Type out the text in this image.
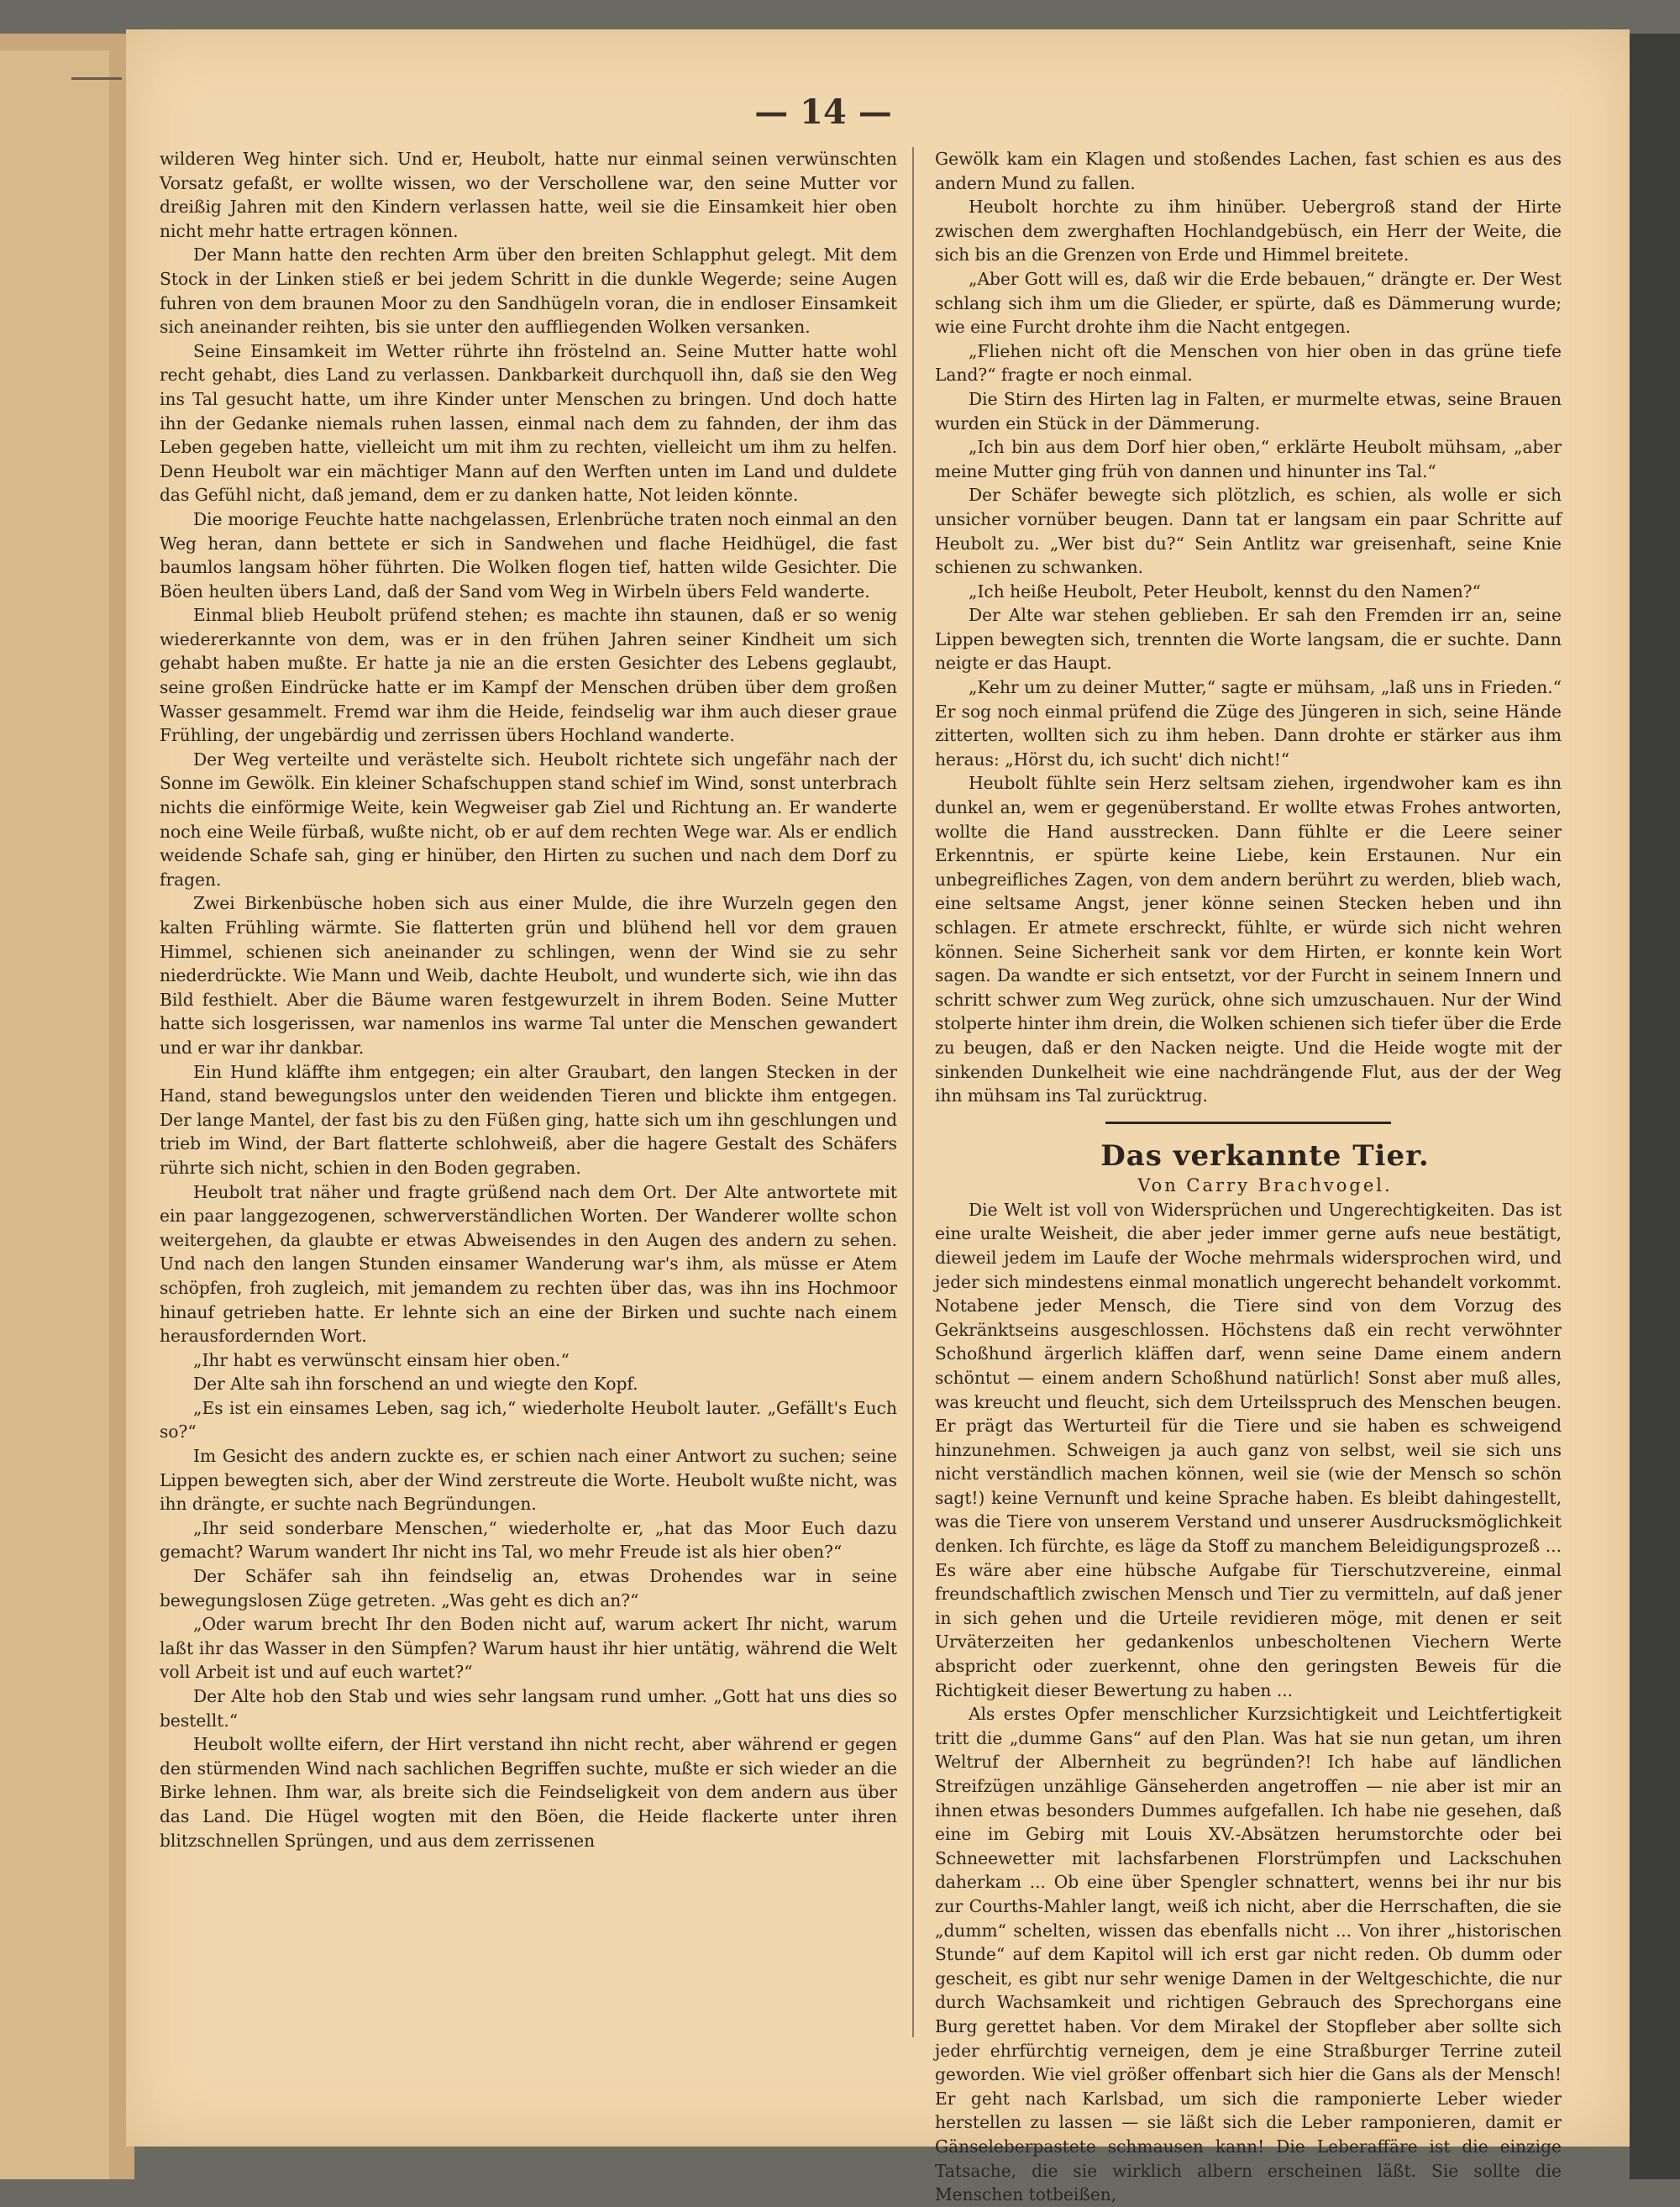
— 14 —

wilderen Weg hinter sich. Und er, Heubolt, hatte nur einmal seinen verwünschten Vorsatz gefaßt, er wollte wissen, wo der Verschollene war, den seine Mutter vor dreißig Jahren mit den Kindern verlassen hatte, weil sie die Einsamkeit hier oben nicht mehr hatte ertragen können.

Der Mann hatte den rechten Arm über den breiten Schlapphut gelegt. Mit dem Stock in der Linken stieß er bei jedem Schritt in die dunkle Wegerde; seine Augen fuhren von dem braunen Moor zu den Sandhügeln voran, die in endloser Einsamkeit sich aneinander reihten, bis sie unter den auffliegenden Wolken versanken.

Seine Einsamkeit im Wetter rührte ihn fröstelnd an. Seine Mutter hatte wohl recht gehabt, dies Land zu verlassen. Dankbarkeit durchquoll ihn, daß sie den Weg ins Tal gesucht hatte, um ihre Kinder unter Menschen zu bringen. Und doch hatte ihn der Gedanke niemals ruhen lassen, einmal nach dem zu fahnden, der ihm das Leben gegeben hatte, vielleicht um mit ihm zu rechten, vielleicht um ihm zu helfen. Denn Heubolt war ein mächtiger Mann auf den Werften unten im Land und duldete das Gefühl nicht, daß jemand, dem er zu danken hatte, Not leiden könnte.

Die moorige Feuchte hatte nachgelassen, Erlenbrüche traten noch einmal an den Weg heran, dann bettete er sich in Sandwehen und flache Heidhügel, die fast baumlos langsam höher führten. Die Wolken flogen tief, hatten wilde Gesichter. Die Böen heulten übers Land, daß der Sand vom Weg in Wirbeln übers Feld wanderte.

Einmal blieb Heubolt prüfend stehen; es machte ihn staunen, daß er so wenig wiedererkannte von dem, was er in den frühen Jahren seiner Kindheit um sich gehabt haben mußte. Er hatte ja nie an die ersten Gesichter des Lebens geglaubt, seine großen Eindrücke hatte er im Kampf der Menschen drüben über dem großen Wasser gesammelt. Fremd war ihm die Heide, feindselig war ihm auch dieser graue Frühling, der ungebärdig und zerrissen übers Hochland wanderte.

Der Weg verteilte und verästelte sich. Heubolt richtete sich ungefähr nach der Sonne im Gewölk. Ein kleiner Schafschuppen stand schief im Wind, sonst unterbrach nichts die einförmige Weite, kein Wegweiser gab Ziel und Richtung an. Er wanderte noch eine Weile fürbaß, wußte nicht, ob er auf dem rechten Wege war. Als er endlich weidende Schafe sah, ging er hinüber, den Hirten zu suchen und nach dem Dorf zu fragen.

Zwei Birkenbüsche hoben sich aus einer Mulde, die ihre Wurzeln gegen den kalten Frühling wärmte. Sie flatterten grün und blühend hell vor dem grauen Himmel, schienen sich aneinander zu schlingen, wenn der Wind sie zu sehr niederdrückte. Wie Mann und Weib, dachte Heubolt, und wunderte sich, wie ihn das Bild festhielt. Aber die Bäume waren festgewurzelt in ihrem Boden. Seine Mutter hatte sich losgerissen, war namenlos ins warme Tal unter die Menschen gewandert und er war ihr dankbar.

Ein Hund kläffte ihm entgegen; ein alter Graubart, den langen Stecken in der Hand, stand bewegungslos unter den weidenden Tieren und blickte ihm entgegen. Der lange Mantel, der fast bis zu den Füßen ging, hatte sich um ihn geschlungen und trieb im Wind, der Bart flatterte schlohweiß, aber die hagere Gestalt des Schäfers rührte sich nicht, schien in den Boden gegraben.

Heubolt trat näher und fragte grüßend nach dem Ort. Der Alte antwortete mit ein paar langgezogenen, schwerverständlichen Worten. Der Wanderer wollte schon weitergehen, da glaubte er etwas Abweisendes in den Augen des andern zu sehen. Und nach den langen Stunden einsamer Wanderung war's ihm, als müsse er Atem schöpfen, froh zugleich, mit jemandem zu rechten über das, was ihn ins Hochmoor hinauf getrieben hatte. Er lehnte sich an eine der Birken und suchte nach einem herausfordernden Wort.

„Ihr habt es verwünscht einsam hier oben.“

Der Alte sah ihn forschend an und wiegte den Kopf.

„Es ist ein einsames Leben, sag ich,“ wiederholte Heubolt lauter. „Gefällt's Euch so?“

Im Gesicht des andern zuckte es, er schien nach einer Antwort zu suchen; seine Lippen bewegten sich, aber der Wind zerstreute die Worte. Heubolt wußte nicht, was ihn drängte, er suchte nach Begründungen.

„Ihr seid sonderbare Menschen,“ wiederholte er, „hat das Moor Euch dazu gemacht? Warum wandert Ihr nicht ins Tal, wo mehr Freude ist als hier oben?“

Der Schäfer sah ihn feindselig an, etwas Drohendes war in seine bewegungslosen Züge getreten. „Was geht es dich an?“

„Oder warum brecht Ihr den Boden nicht auf, warum ackert Ihr nicht, warum laßt ihr das Wasser in den Sümpfen? Warum haust ihr hier untätig, während die Welt voll Arbeit ist und auf euch wartet?“

Der Alte hob den Stab und wies sehr langsam rund umher. „Gott hat uns dies so bestellt.“

Heubolt wollte eifern, der Hirt verstand ihn nicht recht, aber während er gegen den stürmenden Wind nach sachlichen Begriffen suchte, mußte er sich wieder an die Birke lehnen. Ihm war, als breite sich die Feindseligkeit von dem andern aus über das Land. Die Hügel wogten mit den Böen, die Heide flackerte unter ihren blitzschnellen Sprüngen, und aus dem zerrissenen

Gewölk kam ein Klagen und stoßendes Lachen, fast schien es aus des andern Mund zu fallen.

Heubolt horchte zu ihm hinüber. Uebergroß stand der Hirte zwischen dem zwerghaften Hochlandgebüsch, ein Herr der Weite, die sich bis an die Grenzen von Erde und Himmel breitete.

„Aber Gott will es, daß wir die Erde bebauen,“ drängte er. Der West schlang sich ihm um die Glieder, er spürte, daß es Dämmerung wurde; wie eine Furcht drohte ihm die Nacht entgegen.

„Fliehen nicht oft die Menschen von hier oben in das grüne tiefe Land?“ fragte er noch einmal.

Die Stirn des Hirten lag in Falten, er murmelte etwas, seine Brauen wurden ein Stück in der Dämmerung.

„Ich bin aus dem Dorf hier oben,“ erklärte Heubolt mühsam, „aber meine Mutter ging früh von dannen und hinunter ins Tal.“

Der Schäfer bewegte sich plötzlich, es schien, als wolle er sich unsicher vornüber beugen. Dann tat er langsam ein paar Schritte auf Heubolt zu. „Wer bist du?“ Sein Antlitz war greisenhaft, seine Knie schienen zu schwanken.

„Ich heiße Heubolt, Peter Heubolt, kennst du den Namen?“

Der Alte war stehen geblieben. Er sah den Fremden irr an, seine Lippen bewegten sich, trennten die Worte langsam, die er suchte. Dann neigte er das Haupt.

„Kehr um zu deiner Mutter,“ sagte er mühsam, „laß uns in Frieden.“ Er sog noch einmal prüfend die Züge des Jüngeren in sich, seine Hände zitterten, wollten sich zu ihm heben. Dann drohte er stärker aus ihm heraus: „Hörst du, ich sucht' dich nicht!“

Heubolt fühlte sein Herz seltsam ziehen, irgendwoher kam es ihn dunkel an, wem er gegenüberstand. Er wollte etwas Frohes antworten, wollte die Hand ausstrecken. Dann fühlte er die Leere seiner Erkenntnis, er spürte keine Liebe, kein Erstaunen. Nur ein unbegreifliches Zagen, von dem andern berührt zu werden, blieb wach, eine seltsame Angst, jener könne seinen Stecken heben und ihn schlagen. Er atmete erschreckt, fühlte, er würde sich nicht wehren können. Seine Sicherheit sank vor dem Hirten, er konnte kein Wort sagen. Da wandte er sich entsetzt, vor der Furcht in seinem Innern und schritt schwer zum Weg zurück, ohne sich umzuschauen. Nur der Wind stolperte hinter ihm drein, die Wolken schienen sich tiefer über die Erde zu beugen, daß er den Nacken neigte. Und die Heide wogte mit der sinkenden Dunkelheit wie eine nachdrängende Flut, aus der der Weg ihn mühsam ins Tal zurücktrug.

Das verkannte Tier.

Von Carry Brachvogel.

Die Welt ist voll von Widersprüchen und Ungerechtigkeiten. Das ist eine uralte Weisheit, die aber jeder immer gerne aufs neue bestätigt, dieweil jedem im Laufe der Woche mehrmals widersprochen wird, und jeder sich mindestens einmal monatlich ungerecht behandelt vorkommt. Notabene jeder Mensch, die Tiere sind von dem Vorzug des Gekränktseins ausgeschlossen. Höchstens daß ein recht verwöhnter Schoßhund ärgerlich kläffen darf, wenn seine Dame einem andern schöntut — einem andern Schoßhund natürlich! Sonst aber muß alles, was kreucht und fleucht, sich dem Urteilsspruch des Menschen beugen. Er prägt das Werturteil für die Tiere und sie haben es schweigend hinzunehmen. Schweigen ja auch ganz von selbst, weil sie sich uns nicht verständlich machen können, weil sie (wie der Mensch so schön sagt!) keine Vernunft und keine Sprache haben. Es bleibt dahingestellt, was die Tiere von unserem Verstand und unserer Ausdrucksmöglichkeit denken. Ich fürchte, es läge da Stoff zu manchem Beleidigungsprozeß ... Es wäre aber eine hübsche Aufgabe für Tierschutzvereine, einmal freundschaftlich zwischen Mensch und Tier zu vermitteln, auf daß jener in sich gehen und die Urteile revidieren möge, mit denen er seit Urväterzeiten her gedankenlos unbescholtenen Viechern Werte abspricht oder zuerkennt, ohne den geringsten Beweis für die Richtigkeit dieser Bewertung zu haben ...

Als erstes Opfer menschlicher Kurzsichtigkeit und Leichtfertigkeit tritt die „dumme Gans“ auf den Plan. Was hat sie nun getan, um ihren Weltruf der Albernheit zu begründen?! Ich habe auf ländlichen Streifzügen unzählige Gänseherden angetroffen — nie aber ist mir an ihnen etwas besonders Dummes aufgefallen. Ich habe nie gesehen, daß eine im Gebirg mit Louis XV.-Absätzen herumstorchte oder bei Schneewetter mit lachsfarbenen Florstrümpfen und Lackschuhen daherkam ... Ob eine über Spengler schnattert, wenns bei ihr nur bis zur Courths-Mahler langt, weiß ich nicht, aber die Herrschaften, die sie „dumm“ schelten, wissen das ebenfalls nicht ... Von ihrer „historischen Stunde“ auf dem Kapitol will ich erst gar nicht reden. Ob dumm oder gescheit, es gibt nur sehr wenige Damen in der Weltgeschichte, die nur durch Wachsamkeit und richtigen Gebrauch des Sprechorgans eine Burg gerettet haben. Vor dem Mirakel der Stopfleber aber sollte sich jeder ehrfürchtig verneigen, dem je eine Straßburger Terrine zuteil geworden. Wie viel größer offenbart sich hier die Gans als der Mensch! Er geht nach Karlsbad, um sich die ramponierte Leber wieder herstellen zu lassen — sie läßt sich die Leber ramponieren, damit er Gänseleberpastete schmausen kann! Die Leberaffäre ist die einzige Tatsache, die sie wirklich albern erscheinen läßt. Sie sollte die Menschen totbeißen,
